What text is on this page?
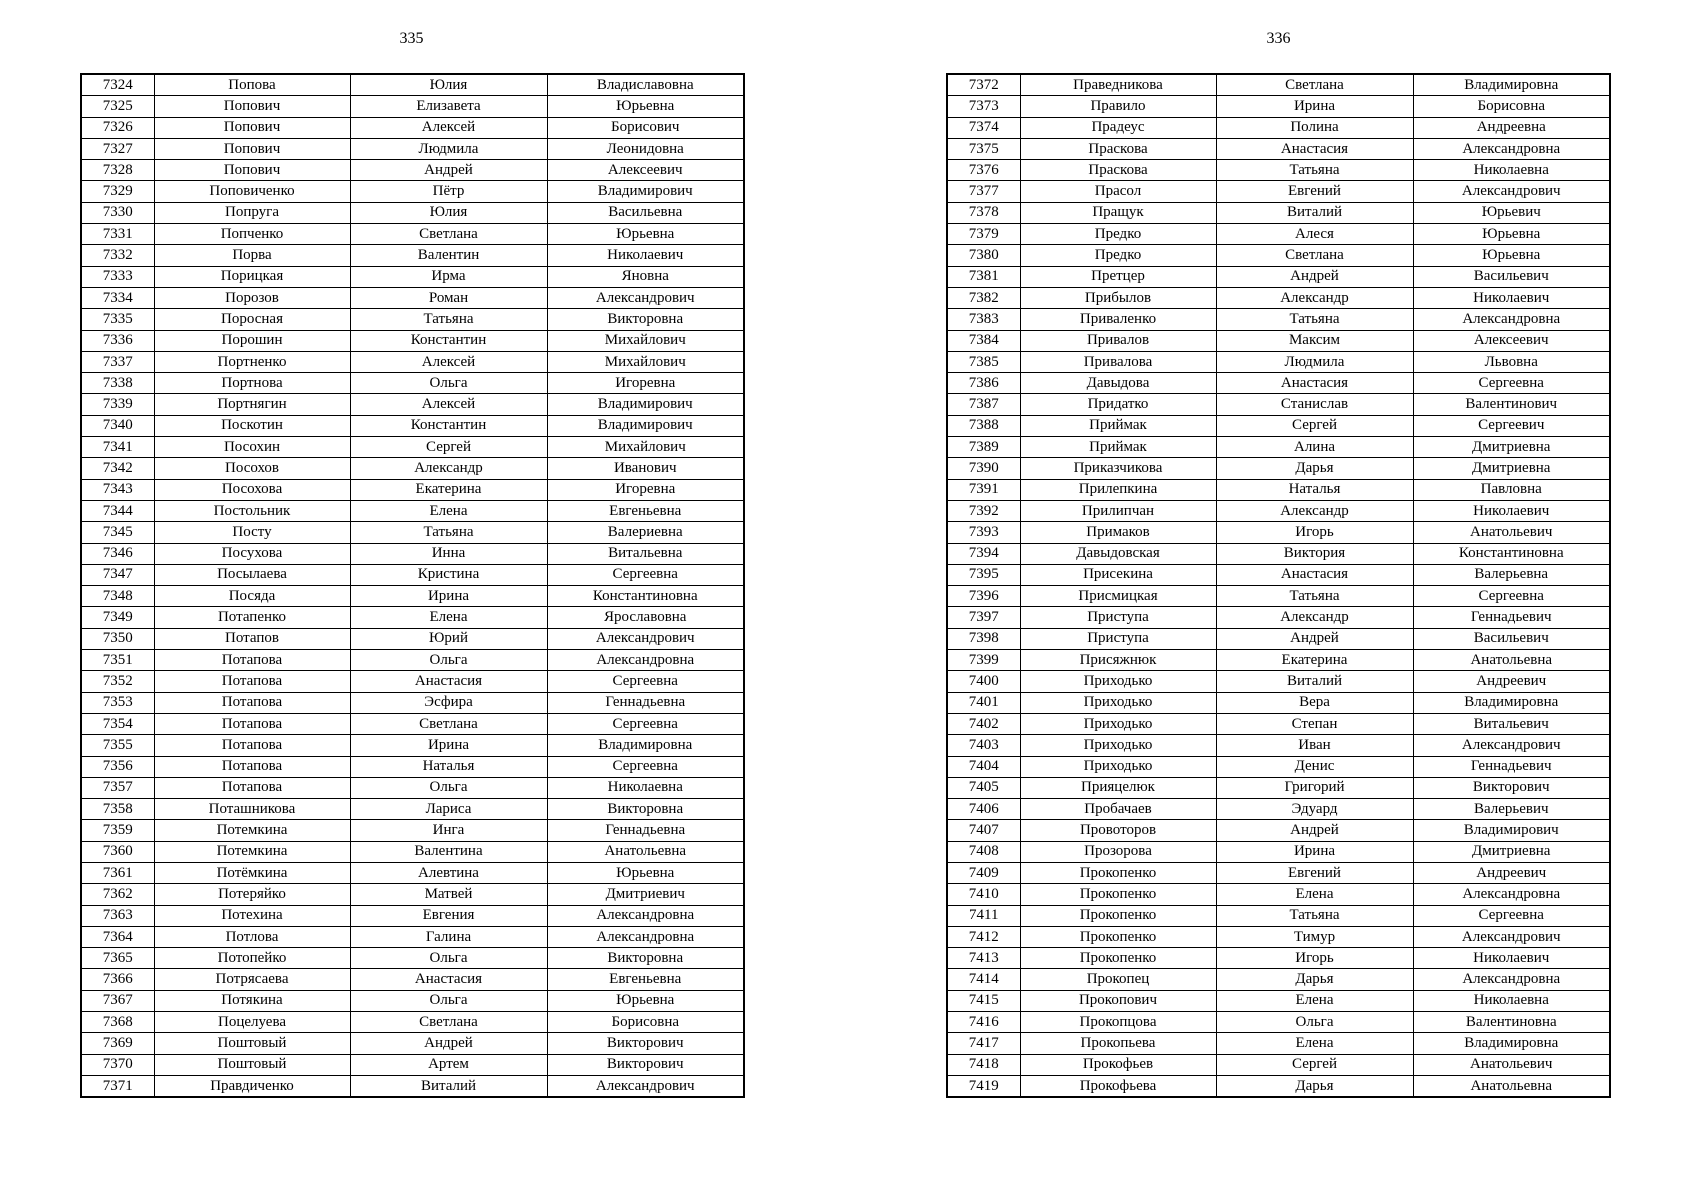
335
7324	Попова	Юлия	Владиславовна
7325	Попович	Елизавета	Юрьевна
7326	Попович	Алексей	Борисович
7327	Попович	Людмила	Леонидовна
7328	Попович	Андрей	Алексеевич
7329	Поповиченко	Пётр	Владимирович
7330	Попруга	Юлия	Васильевна
7331	Попченко	Светлана	Юрьевна
7332	Порва	Валентин	Николаевич
7333	Порицкая	Ирма	Яновна
7334	Порозов	Роман	Александрович
7335	Поросная	Татьяна	Викторовна
7336	Порошин	Константин	Михайлович
7337	Портненко	Алексей	Михайлович
7338	Портнова	Ольга	Игоревна
7339	Портнягин	Алексей	Владимирович
7340	Поскотин	Константин	Владимирович
7341	Посохин	Сергей	Михайлович
7342	Посохов	Александр	Иванович
7343	Посохова	Екатерина	Игоревна
7344	Постольник	Елена	Евгеньевна
7345	Посту	Татьяна	Валериевна
7346	Посухова	Инна	Витальевна
7347	Посылаева	Кристина	Сергеевна
7348	Посяда	Ирина	Константиновна
7349	Потапенко	Елена	Ярославовна
7350	Потапов	Юрий	Александрович
7351	Потапова	Ольга	Александровна
7352	Потапова	Анастасия	Сергеевна
7353	Потапова	Эсфира	Геннадьевна
7354	Потапова	Светлана	Сергеевна
7355	Потапова	Ирина	Владимировна
7356	Потапова	Наталья	Сергеевна
7357	Потапова	Ольга	Николаевна
7358	Поташникова	Лариса	Викторовна
7359	Потемкина	Инга	Геннадьевна
7360	Потемкина	Валентина	Анатольевна
7361	Потёмкина	Алевтина	Юрьевна
7362	Потеряйко	Матвей	Дмитриевич
7363	Потехина	Евгения	Александровна
7364	Потлова	Галина	Александровна
7365	Потопейко	Ольга	Викторовна
7366	Потрясаева	Анастасия	Евгеньевна
7367	Потякина	Ольга	Юрьевна
7368	Поцелуева	Светлана	Борисовна
7369	Поштовый	Андрей	Викторович
7370	Поштовый	Артем	Викторович
7371	Правдиченко	Виталий	Александрович
336
7372	Праведникова	Светлана	Владимировна
7373	Правило	Ирина	Борисовна
7374	Прадеус	Полина	Андреевна
7375	Праскова	Анастасия	Александровна
7376	Праскова	Татьяна	Николаевна
7377	Прасол	Евгений	Александрович
7378	Пращук	Виталий	Юрьевич
7379	Предко	Алеся	Юрьевна
7380	Предко	Светлана	Юрьевна
7381	Претцер	Андрей	Васильевич
7382	Прибылов	Александр	Николаевич
7383	Приваленко	Татьяна	Александровна
7384	Привалов	Максим	Алексеевич
7385	Привалова	Людмила	Львовна
7386	Давыдова	Анастасия	Сергеевна
7387	Придатко	Станислав	Валентинович
7388	Приймак	Сергей	Сергеевич
7389	Приймак	Алина	Дмитриевна
7390	Приказчикова	Дарья	Дмитриевна
7391	Прилепкина	Наталья	Павловна
7392	Прилипчан	Александр	Николаевич
7393	Примаков	Игорь	Анатольевич
7394	Давыдовская	Виктория	Константиновна
7395	Присекина	Анастасия	Валерьевна
7396	Присмицкая	Татьяна	Сергеевна
7397	Приступа	Александр	Геннадьевич
7398	Приступа	Андрей	Васильевич
7399	Присяжнюк	Екатерина	Анатольевна
7400	Приходько	Виталий	Андреевич
7401	Приходько	Вера	Владимировна
7402	Приходько	Степан	Витальевич
7403	Приходько	Иван	Александрович
7404	Приходько	Денис	Геннадьевич
7405	Прияцелюк	Григорий	Викторович
7406	Пробачаев	Эдуард	Валерьевич
7407	Провоторов	Андрей	Владимирович
7408	Прозорова	Ирина	Дмитриевна
7409	Прокопенко	Евгений	Андреевич
7410	Прокопенко	Елена	Александровна
7411	Прокопенко	Татьяна	Сергеевна
7412	Прокопенко	Тимур	Александрович
7413	Прокопенко	Игорь	Николаевич
7414	Прокопец	Дарья	Александровна
7415	Прокопович	Елена	Николаевна
7416	Прокопцова	Ольга	Валентиновна
7417	Прокопьева	Елена	Владимировна
7418	Прокофьев	Сергей	Анатольевич
7419	Прокофьева	Дарья	Анатольевна
